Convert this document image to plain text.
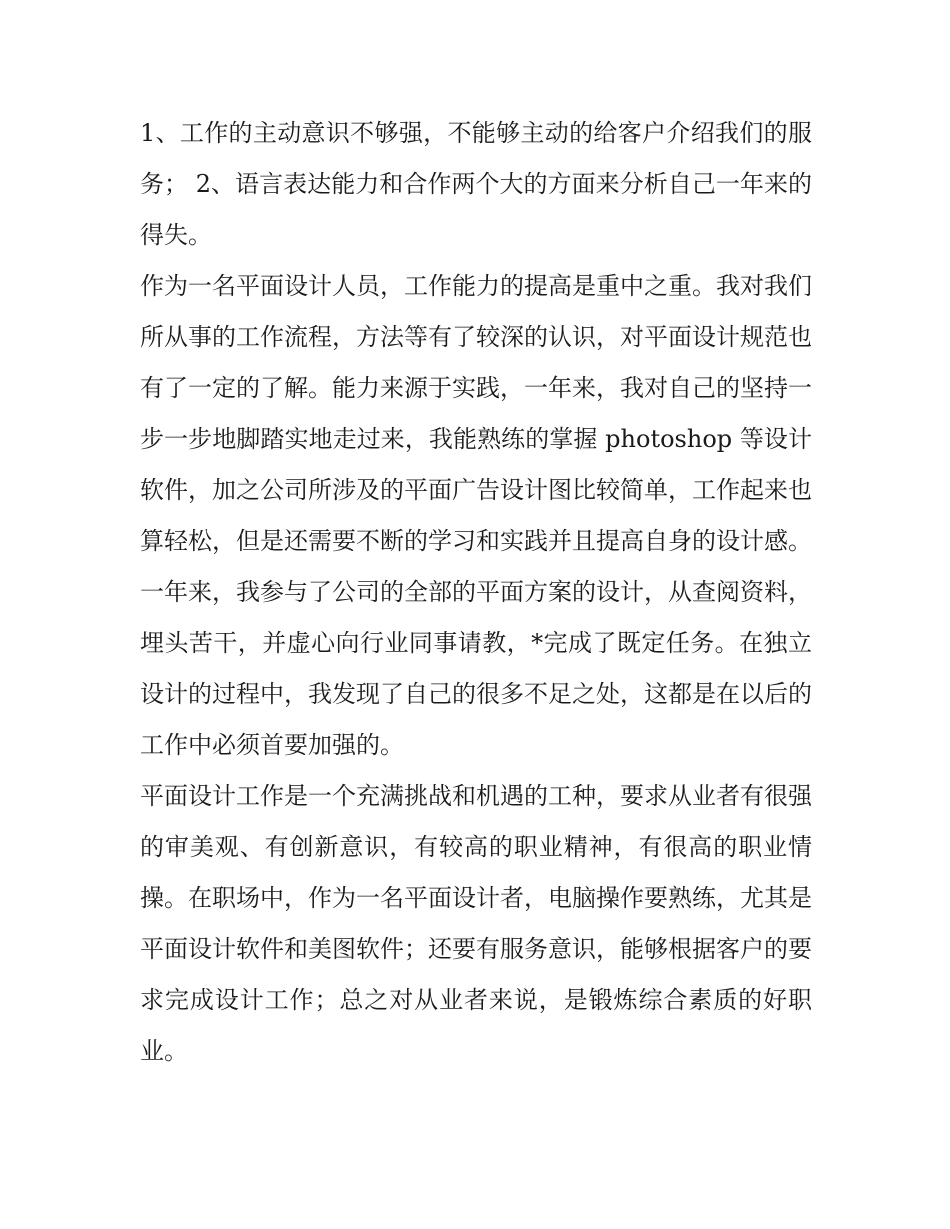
1、工作的主动意识不够强，不能够主动的给客户介绍我们的服务； 2、语言表达能力和合作两个大的方面来分析自己一年来的得失。

作为一名平面设计人员，工作能力的提高是重中之重。我对我们所从事的工作流程，方法等有了较深的认识，对平面设计规范也有了一定的了解。能力来源于实践，一年来，我对自己的坚持一步一步地脚踏实地走过来，我能熟练的掌握 photoshop 等设计软件，加之公司所涉及的平面广告设计图比较简单，工作起来也算轻松，但是还需要不断的学习和实践并且提高自身的设计感。

一年来，我参与了公司的全部的平面方案的设计，从查阅资料，埋头苦干，并虚心向行业同事请教，*完成了既定任务。在独立设计的过程中，我发现了自己的很多不足之处，这都是在以后的工作中必须首要加强的。

平面设计工作是一个充满挑战和机遇的工种，要求从业者有很强的审美观、有创新意识，有较高的职业精神，有很高的职业情操。在职场中，作为一名平面设计者，电脑操作要熟练，尤其是平面设计软件和美图软件；还要有服务意识，能够根据客户的要求完成设计工作；总之对从业者来说，是锻炼综合素质的好职业。
